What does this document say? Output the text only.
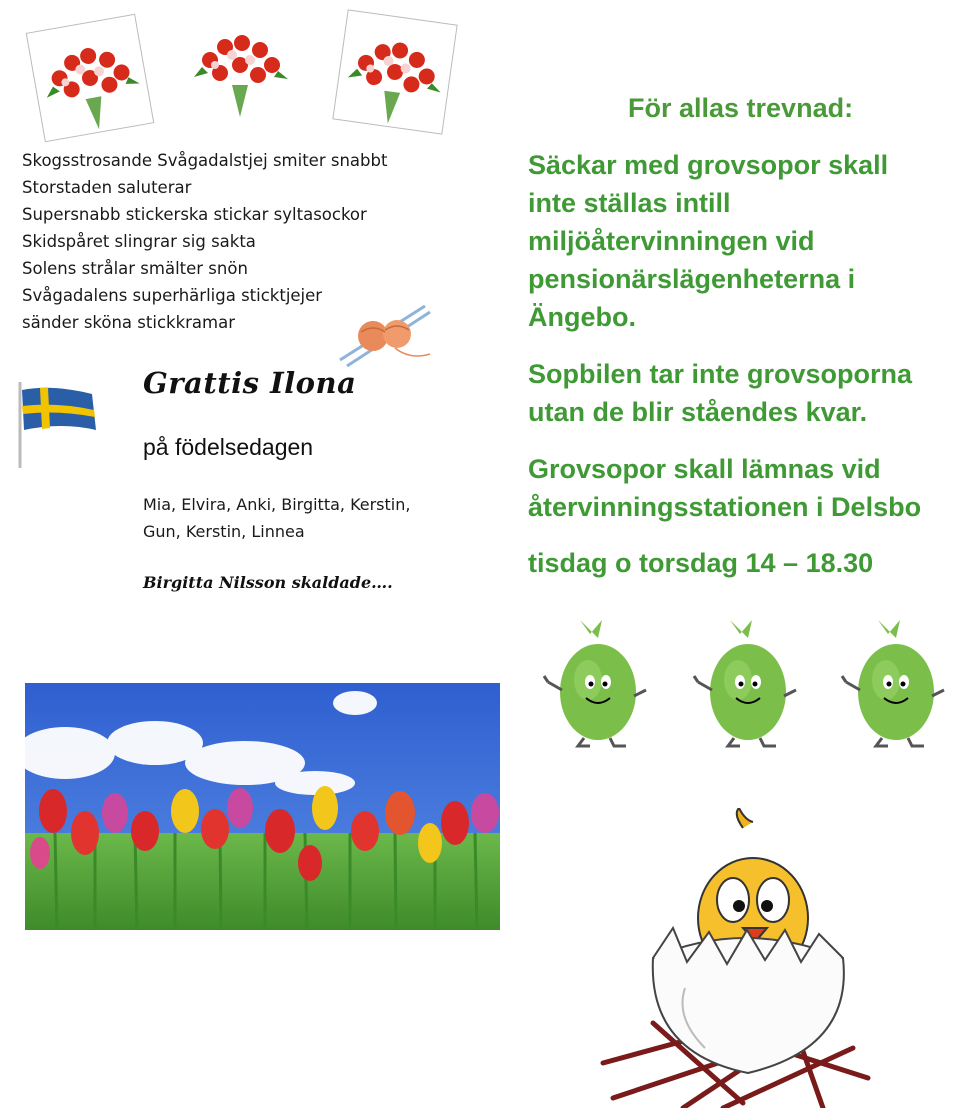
Skogsstrosande Svågadalstjej smiter snabbt
Storstaden saluterar
Supersnabb stickerska stickar syltasockor
Skidspåret slingrar sig sakta
Solens strålar smälter snön
Svågadalens superhärliga sticktjejer
sänder sköna stickkramar
Grattis Ilona
på födelsedagen
Mia, Elvira, Anki, Birgitta, Kerstin,
Gun, Kerstin, Linnea
Birgitta Nilsson skaldade….
För allas trevnad:
Säckar med grovsopor skall
inte ställas intill
miljöåtervinningen vid
pensionärslägenheterna i
Ängebo.
Sopbilen tar inte grovsoporna
utan de blir ståendes kvar.
Grovsopor skall lämnas vid
återvinningsstationen i Delsbo
tisdag o torsdag 14 – 18.30
